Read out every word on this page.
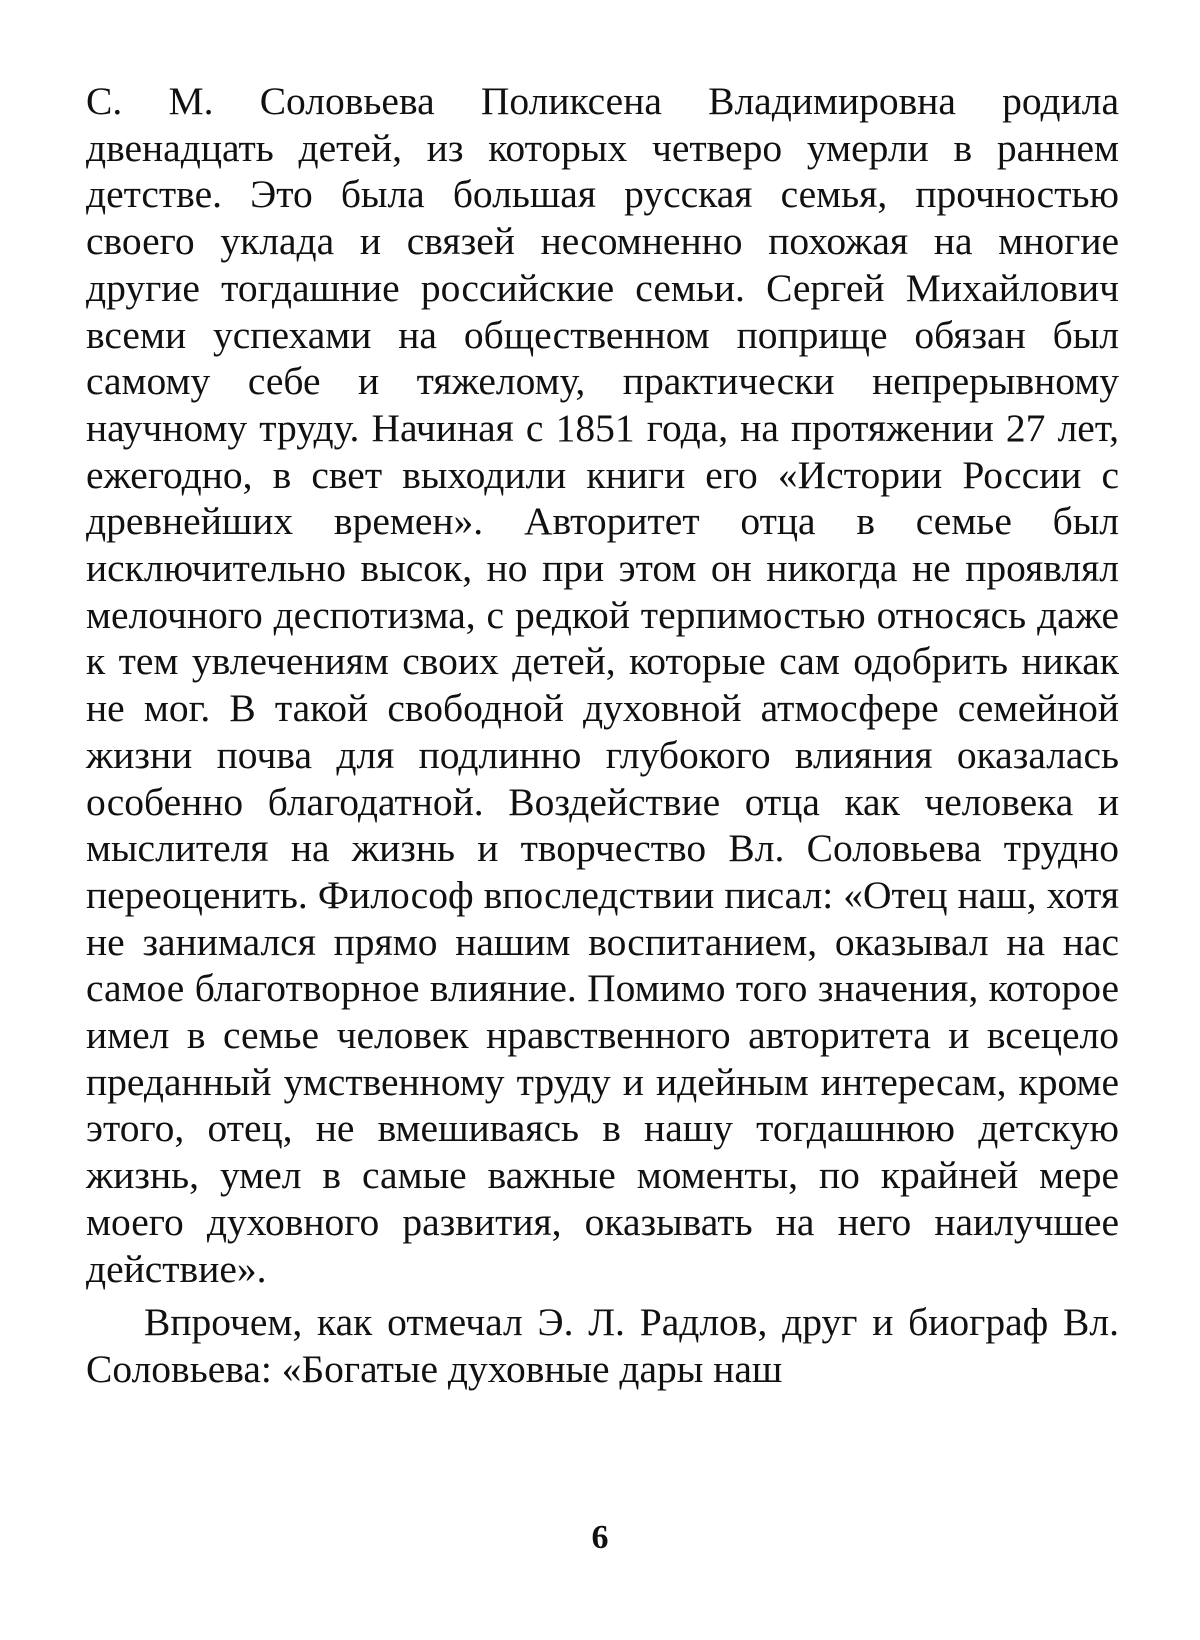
С. М. Соловьева Поликсена Владимировна родила двенадцать детей, из которых четверо умерли в раннем детстве. Это была большая русская семья, прочностью своего уклада и связей несомненно похожая на многие другие тогдашние российские семьи. Сергей Михайлович всеми успехами на общественном поприще обязан был самому себе и тяжелому, практически непрерывному научному труду. Начиная с 1851 года, на протяжении 27 лет, ежегодно, в свет выходили книги его «Истории России с древнейших времен». Авторитет отца в семье был исключительно высок, но при этом он никогда не проявлял мелочного деспотизма, с редкой терпимостью относясь даже к тем увлечениям своих детей, которые сам одобрить никак не мог. В такой свободной духовной атмосфере семейной жизни почва для подлинно глубокого влияния оказалась особенно благодатной. Воздействие отца как человека и мыслителя на жизнь и творчество Вл. Соловьева трудно переоценить. Философ впоследствии писал: «Отец наш, хотя не занимался прямо нашим воспитанием, оказывал на нас самое благотворное влияние. Помимо того значения, которое имел в семье человек нравственного авторитета и всецело преданный умственному труду и идейным интересам, кроме этого, отец, не вмешиваясь в нашу тогдашнюю детскую жизнь, умел в самые важные моменты, по крайней мере моего духовного развития, оказывать на него наилучшее действие».

Впрочем, как отмечал Э. Л. Радлов, друг и биограф Вл. Соловьева: «Богатые духовные дары наш

6
